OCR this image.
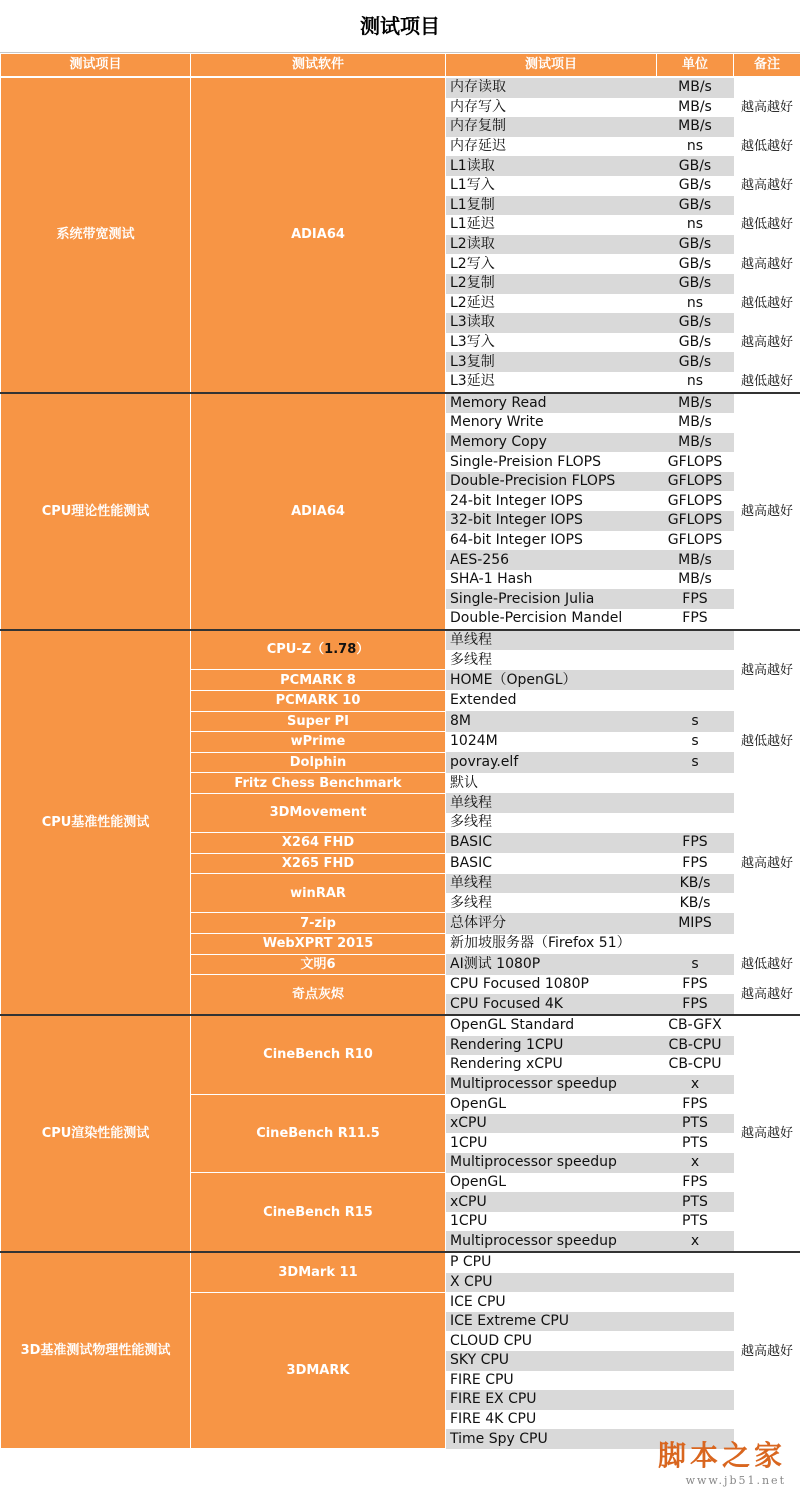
测试项目
测试项目	测试软件	测试项目	单位	备注
系统带宽测试	ADIA64	内存读取	MB/s	越高越好
		内存写入	MB/s	
		内存复制	MB/s	
		内存延迟	ns	越低越好
		L1读取	GB/s	越高越好
		L1写入	GB/s	
		L1复制	GB/s	
		L1延迟	ns	越低越好
		L2读取	GB/s	越高越好
		L2写入	GB/s	
		L2复制	GB/s	
		L2延迟	ns	越低越好
		L3读取	GB/s	越高越好
		L3写入	GB/s	
		L3复制	GB/s	
		L3延迟	ns	越低越好
CPU理论性能测试	ADIA64	Memory Read	MB/s	越高越好
		Menory Write	MB/s	
		Memory Copy	MB/s	
		Single-Preision FLOPS	GFLOPS	
		Double-Precision FLOPS	GFLOPS	
		24-bit Integer IOPS	GFLOPS	
		32-bit Integer IOPS	GFLOPS	
		64-bit Integer IOPS	GFLOPS	
		AES-256	MB/s	
		SHA-1 Hash	MB/s	
		Single-Precision Julia	FPS	
		Double-Percision Mandel	FPS	
CPU基准性能测试	CPU-Z（1.78）	单线程		越高越好
		多线程		
	PCMARK 8	HOME（OpenGL）		
	PCMARK 10	Extended		
	Super PI	8M	s	越低越好
	wPrime	1024M	s	
	Dolphin	povray.elf	s	
	Fritz Chess Benchmark	默认		越高越好
	3DMovement	单线程		
		多线程		
	X264 FHD	BASIC	FPS	
	X265 FHD	BASIC	FPS	
	winRAR	单线程	KB/s	
		多线程	KB/s	
	7-zip	总体评分	MIPS	
	WebXPRT 2015	新加坡服务器（Firefox 51）		
	文明6	AI测试 1080P	s	越低越好
	奇点灰烬	CPU Focused 1080P	FPS	越高越好
		CPU Focused 4K	FPS	
CPU渲染性能测试	CineBench R10	OpenGL Standard	CB-GFX	越高越好
		Rendering 1CPU	CB-CPU	
		Rendering xCPU	CB-CPU	
		Multiprocessor speedup	x	
	CineBench R11.5	OpenGL	FPS	
		xCPU	PTS	
		1CPU	PTS	
		Multiprocessor speedup	x	
	CineBench R15	OpenGL	FPS	
		xCPU	PTS	
		1CPU	PTS	
		Multiprocessor speedup	x	
3D基准测试物理性能测试	3DMark 11	P CPU		越高越好
		X CPU		
	3DMARK	ICE CPU		
		ICE Extreme CPU		
		CLOUD CPU		
		SKY CPU		
		FIRE CPU		
		FIRE EX CPU		
		FIRE 4K CPU		
		Time Spy CPU		
脚本之家
www.jb51.net
